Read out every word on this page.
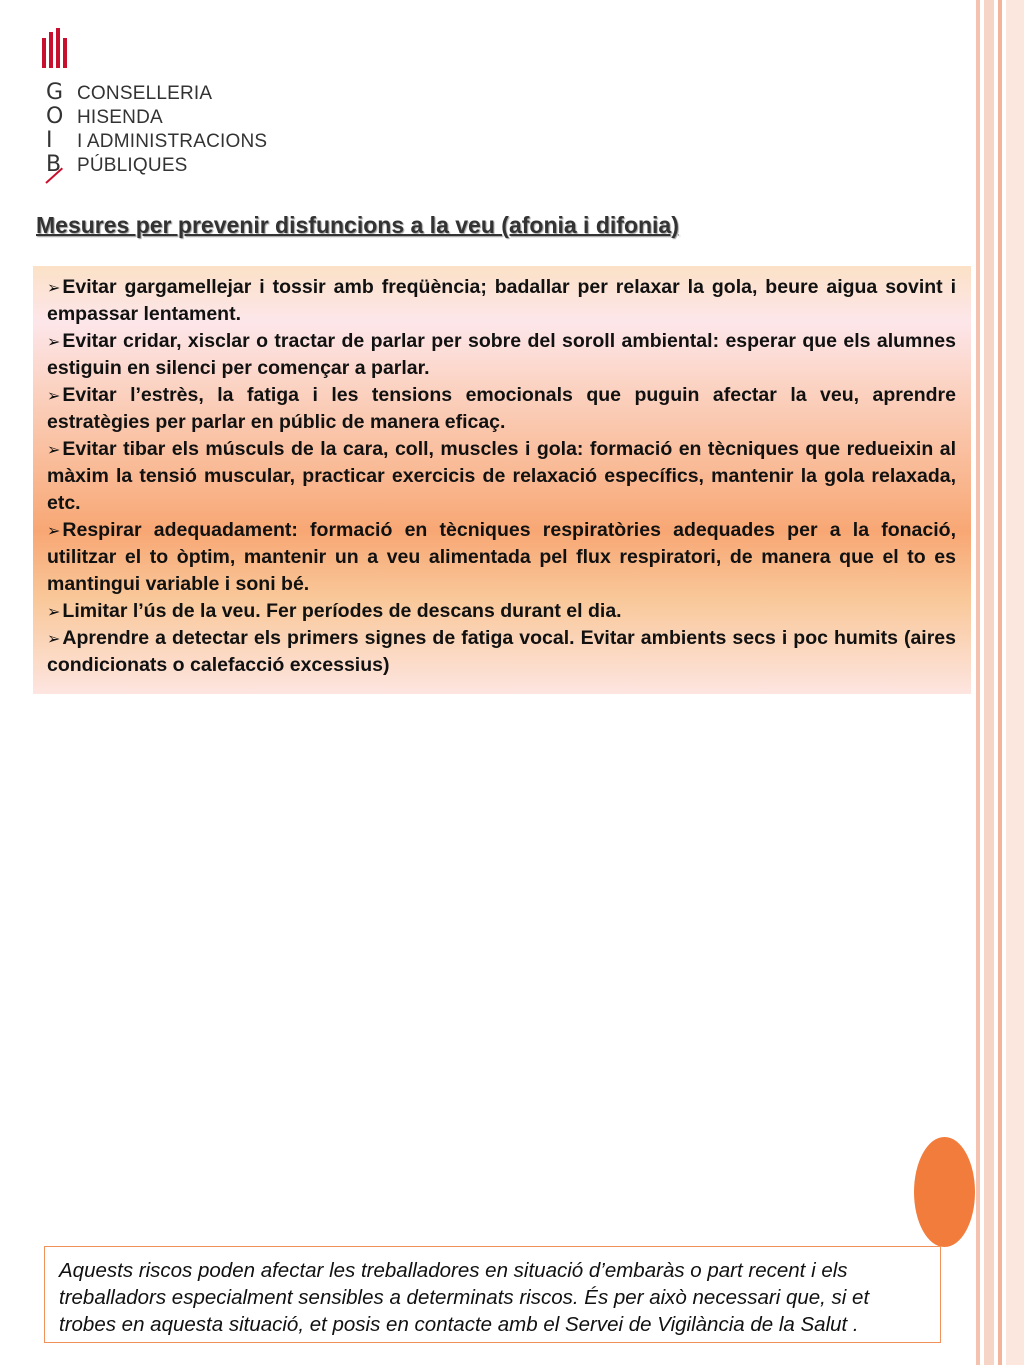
G
O
I
B
CONSELLERIA
HISENDA
I ADMINISTRACIONS
PÚBLIQUES
Mesures per prevenir disfuncions a la veu (afonia i difonia)

➢ Evitar gargamellejar i tossir amb freqüència; badallar per relaxar la gola, beure aigua sovint i empassar lentament.

➢ Evitar cridar, xisclar o tractar de parlar per sobre del soroll ambiental: esperar que els alumnes estiguin en silenci per començar a parlar.

➢ Evitar l’estrès, la fatiga i les tensions emocionals que puguin afectar la veu, aprendre estratègies per parlar en públic de manera eficaç.

➢ Evitar tibar els músculs de la cara, coll, muscles i gola: formació en tècniques que redueixin al màxim la tensió muscular, practicar exercicis de relaxació específics, mantenir la gola relaxada, etc.

➢ Respirar adequadament: formació en tècniques respiratòries adequades per a la fonació, utilitzar el to òptim, mantenir un a veu alimentada pel flux respiratori, de manera que el to es mantingui variable i soni bé.

➢ Limitar l’ús de la veu. Fer períodes de descans durant el dia.

➢ Aprendre a detectar els primers signes de fatiga vocal. Evitar ambients secs i poc humits (aires condicionats o calefacció excessius)

Aquests riscos poden afectar les treballadores en situació d’embaràs o part recent i els treballadors especialment sensibles a determinats riscos. És per això necessari que, si et trobes en aquesta situació, et posis en contacte amb el Servei de Vigilància de la Salut .
